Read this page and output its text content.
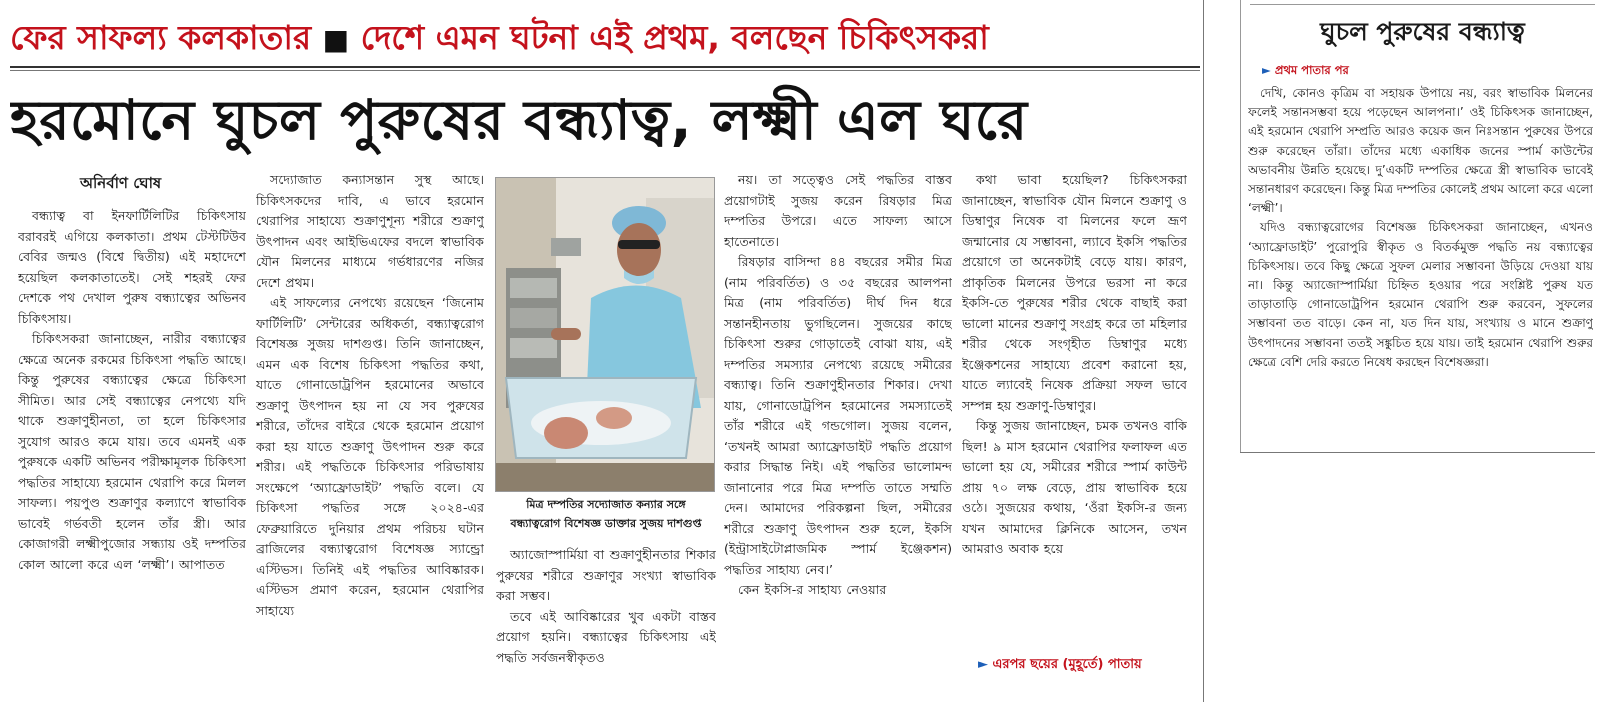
ফের সাফল্য কলকাতার ■ দেশে এমন ঘটনা এই প্রথম, বলছেন চিকিৎসকরা
হরমোনে ঘুচল পুরুষের বন্ধ্যাত্ব, লক্ষ্মী এল ঘরে
অনির্বাণ ঘোষ

বন্ধ্যাত্ব বা ইনফার্টিলিটির চিকিৎসায় বরাবরই এগিয়ে কলকাতা। প্রথম টেস্টটিউব বেবির জন্মও (বিশ্বে দ্বিতীয়) এই মহাদেশে হয়েছিল কলকাতাতেই। সেই শহরই ফের দেশকে পথ দেখাল পুরুষ বন্ধ্যাত্বের অভিনব চিকিৎসায়।

চিকিৎসকরা জানাচ্ছেন, নারীর বন্ধ্যাত্বের ক্ষেত্রে অনেক রকমের চিকিৎসা পদ্ধতি আছে। কিন্তু পুরুষের বন্ধ্যাত্বের ক্ষেত্রে চিকিৎসা সীমিত। আর সেই বন্ধ্যাত্বের নেপথ্যে যদি থাকে শুক্রাণুহীনতা, তা হলে চিকিৎসার সুযোগ আরও কমে যায়। তবে এমনই এক পুরুষকে একটি অভিনব পরীক্ষামূলক চিকিৎসা পদ্ধতির সাহায্যে হরমোন থেরাপি করে মিলল সাফল্য। পয়পুণ্ড শুক্রাণুর কল্যাণে স্বাভাবিক ভাবেই গর্ভবতী হলেন তাঁর স্ত্রী। আর কোজাগরী লক্ষ্মীপুজোর সন্ধ্যায় ওই দম্পতির কোল আলো করে এল ‘লক্ষ্মী’। আপাতত

সদ্যোজাত কন্যাসন্তান সুস্থ আছে। চিকিৎসকদের দাবি, এ ভাবে হরমোন থেরাপির সাহায্যে শুক্রাণুশূন্য শরীরে শুক্রাণু উৎপাদন এবং আইভিএফের বদলে স্বাভাবিক যৌন মিলনের মাধ্যমে গর্ভধারণের নজির দেশে প্রথম।

এই সাফল্যের নেপথ্যে রয়েছেন ‘জিনোম ফার্টিলিটি’ সেন্টারের অধিকর্তা, বন্ধ্যাত্বরোগ বিশেষজ্ঞ সুজয় দাশগুপ্ত। তিনি জানাচ্ছেন, এমন এক বিশেষ চিকিৎসা পদ্ধতির কথা, যাতে গোনাডোট্রপিন হরমোনের অভাবে শুক্রাণু উৎপাদন হয় না যে সব পুরুষের শরীরে, তাঁদের বাইরে থেকে হরমোন প্রয়োগ করা হয় যাতে শুক্রাণু উৎপাদন শুরু করে শরীর। এই পদ্ধতিকে চিকিৎসার পরিভাষায় সংক্ষেপে ‘অ্যাফ্রোডাইট’ পদ্ধতি বলে। যে চিকিৎসা পদ্ধতির সঙ্গে ২০২৪-এর ফেব্রুয়ারিতে দুনিয়ার প্রথম পরিচয় ঘটান ব্রাজিলের বন্ধ্যাত্বরোগ বিশেষজ্ঞ স্যান্ড্রো এস্টিভস। তিনিই এই পদ্ধতির আবিষ্কারক। এস্টিভস প্রমাণ করেন, হরমোন থেরাপির সাহায্যে

মিত্র দম্পতির সদ্যোজাত কন্যার সঙ্গে
বন্ধ্যাত্বরোগ বিশেষজ্ঞ ডাক্তার সুজয় দাশগুপ্ত

অ্যাজোস্পার্মিয়া বা শুক্রাণুহীনতার শিকার পুরুষের শরীরে শুক্রাণুর সংখ্যা স্বাভাবিক করা সম্ভব।

তবে এই আবিষ্কারের খুব একটা বাস্তব প্রয়োগ হয়নি। বন্ধ্যাত্বের চিকিৎসায় এই পদ্ধতি সর্বজনস্বীকৃতও

নয়। তা সত্ত্বেও সেই পদ্ধতির বাস্তব প্রয়োগটাই সুজয় করেন রিষড়ার মিত্র দম্পতির উপরে। এতে সাফল্য আসে হাতেনাতে।

রিষড়ার বাসিন্দা ৪৪ বছরের সমীর মিত্র (নাম পরিবর্তিত) ও ৩৫ বছরের আলপনা মিত্র (নাম পরিবর্তিত) দীর্ঘ দিন ধরে সন্তানহীনতায় ভুগছিলেন। সুজয়ের কাছে চিকিৎসা শুরুর গোড়াতেই বোঝা যায়, এই দম্পতির সমস্যার নেপথ্যে রয়েছে সমীরের বন্ধ্যাত্ব। তিনি শুক্রাণুহীনতার শিকার। দেখা যায়, গোনাডোট্রপিন হরমোনের সমস্যাতেই তাঁর শরীরে এই গন্ডগোল। সুজয় বলেন, ‘তখনই আমরা অ্যাফ্রোডাইট পদ্ধতি প্রয়োগ করার সিদ্ধান্ত নিই। এই পদ্ধতির ভালোমন্দ জানানোর পরে মিত্র দম্পতি তাতে সম্মতি দেন। আমাদের পরিকল্পনা ছিল, সমীরের শরীরে শুক্রাণু উৎপাদন শুরু হলে, ইকসি (ইন্ট্রাসাইটোপ্লাজমিক স্পার্ম ইঞ্জেকশন) পদ্ধতির সাহায্য নেব।’

কেন ইকসি-র সাহায্য নেওয়ার

কথা ভাবা হয়েছিল? চিকিৎসকরা জানাচ্ছেন, স্বাভাবিক যৌন মিলনে শুক্রাণু ও ডিম্বাণুর নিষেক বা মিলনের ফলে ভ্রূণ জন্মানোর যে সম্ভাবনা, ল্যাবে ইকসি পদ্ধতির প্রয়োগে তা অনেকটাই বেড়ে যায়। কারণ, প্রাকৃতিক মিলনের উপরে ভরসা না করে ইকসি-তে পুরুষের শরীর থেকে বাছাই করা ভালো মানের শুক্রাণু সংগ্রহ করে তা মহিলার শরীর থেকে সংগৃহীত ডিম্বাণুর মধ্যে ইঞ্জেকশনের সাহায্যে প্রবেশ করানো হয়, যাতে ল্যাবেই নিষেক প্রক্রিয়া সফল ভাবে সম্পন্ন হয় শুক্রাণু-ডিম্বাণুর।

কিন্তু সুজয় জানাচ্ছেন, চমক তখনও বাকি ছিল! ৯ মাস হরমোন থেরাপির ফলাফল এত ভালো হয় যে, সমীরের শরীরে স্পার্ম কাউন্ট প্রায় ৭০ লক্ষ বেড়ে, প্রায় স্বাভাবিক হয়ে ওঠে। সুজয়ের কথায়, ‘ওঁরা ইকসি-র জন্য যখন আমাদের ক্লিনিকে আসেন, তখন আমরাও অবাক হয়ে

► এরপর ছয়ের (মুহূর্তে) পাতায়
ঘুচল পুরুষের বন্ধ্যাত্ব
► প্রথম পাতার পর

দেখি, কোনও কৃত্রিম বা সহায়ক উপায়ে নয়, বরং স্বাভাবিক মিলনের ফলেই সন্তানসম্ভবা হয়ে পড়েছেন আলপনা।’ ওই চিকিৎসক জানাচ্ছেন, এই হরমোন থেরাপি সম্প্রতি আরও কয়েক জন নিঃসন্তান পুরুষের উপরে শুরু করেছেন তাঁরা। তাঁদের মধ্যে একাধিক জনের স্পার্ম কাউন্টের অভাবনীয় উন্নতি হয়েছে। দু’একটি দম্পতির ক্ষেত্রে স্ত্রী স্বাভাবিক ভাবেই সন্তানধারণ করেছেন। কিন্তু মিত্র দম্পতির কোলেই প্রথম আলো করে এলো ‘লক্ষ্মী’।

যদিও বন্ধ্যাত্বরোগের বিশেষজ্ঞ চিকিৎসকরা জানাচ্ছেন, এখনও ‘অ্যাফ্রোডাইট’ পুরোপুরি স্বীকৃত ও বিতর্কমুক্ত পদ্ধতি নয় বন্ধ্যাত্বের চিকিৎসায়। তবে কিছু ক্ষেত্রে সুফল মেলার সম্ভাবনা উড়িয়ে দেওয়া যায় না। কিন্তু অ্যাজোস্পার্মিয়া চিহ্নিত হওয়ার পরে সংশ্লিষ্ট পুরুষ যত তাড়াতাড়ি গোনাডোট্রপিন হরমোন থেরাপি শুরু করবেন, সুফলের সম্ভাবনা তত বাড়ে। কেন না, যত দিন যায়, সংখ্যায় ও মানে শুক্রাণু উৎপাদনের সম্ভাবনা ততই সঙ্কুচিত হয়ে যায়। তাই হরমোন থেরাপি শুরুর ক্ষেত্রে বেশি দেরি করতে নিষেধ করছেন বিশেষজ্ঞরা।
